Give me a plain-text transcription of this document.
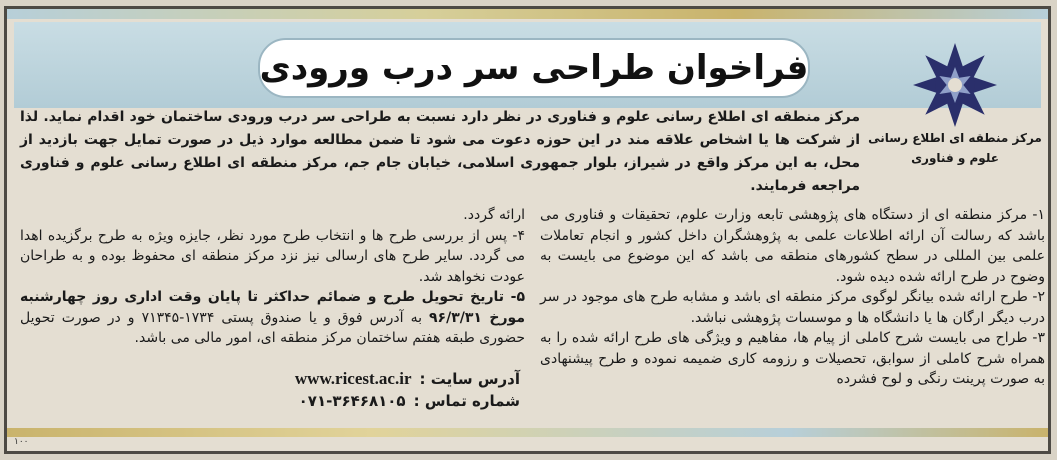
فراخوان طراحی سر درب ورودی
مرکز منطقه ای اطلاع رسانی
علوم و فناوری
مرکز منطقه ای اطلاع رسانی علوم و فناوری در نظر دارد نسبت به طراحی سر درب ورودی ساختمان خود اقدام نماید. لذا از شرکت ها یا اشخاص علاقه مند در این حوزه دعوت می شود تا ضمن مطالعه موارد ذیل در صورت تمایل جهت بازدید از محل، به این مرکز واقع در شیراز، بلوار جمهوری اسلامی، خیابان جام جم، مرکز منطقه ای اطلاع رسانی علوم و فناوری مراجعه فرمایند.

۱- مرکز منطقه ای از دستگاه های پژوهشی تابعه وزارت علوم، تحقیقات و فناوری می باشد که رسالت آن ارائه اطلاعات علمی به پژوهشگران داخل کشور و انجام تعاملات علمی بین المللی در سطح کشورهای منطقه می باشد که این موضوع می بایست به وضوح در طرح ارائه شده دیده شود.

۲- طرح ارائه شده بیانگر لوگوی مرکز منطقه ای باشد و مشابه طرح های موجود در سر درب دیگر ارگان ها یا دانشگاه ها و موسسات پژوهشی نباشد.

۳- طراح می بایست شرح کاملی از پیام ها، مفاهیم و ویژگی های طرح ارائه شده را به همراه شرح کاملی از سوابق، تحصیلات و رزومه کاری ضمیمه نموده و طرح پیشنهادی به صورت پرینت رنگی و لوح فشرده

ارائه گردد.

۴- پس از بررسی طرح ها و انتخاب طرح مورد نظر، جایزه ویژه به طرح برگزیده اهدا می گردد. سایر طرح های ارسالی نیز نزد مرکز منطقه ای محفوظ بوده و به طراحان عودت نخواهد شد.

۵- تاریخ تحویل طرح و ضمائم حداکثر تا پایان وقت اداری روز چهارشنبه مورخ ۹۶/۳/۳۱ به آدرس فوق و یا صندوق پستی ۱۷۳۴-۷۱۳۴۵ و در صورت تحویل حضوری طبقه هفتم ساختمان مرکز منطقه ای، امور مالی می باشد.

آدرس سایت :
www.ricest.ac.ir
شماره تماس :
۰۷۱-۳۶۴۶۸۱۰۵
۱۰۰
